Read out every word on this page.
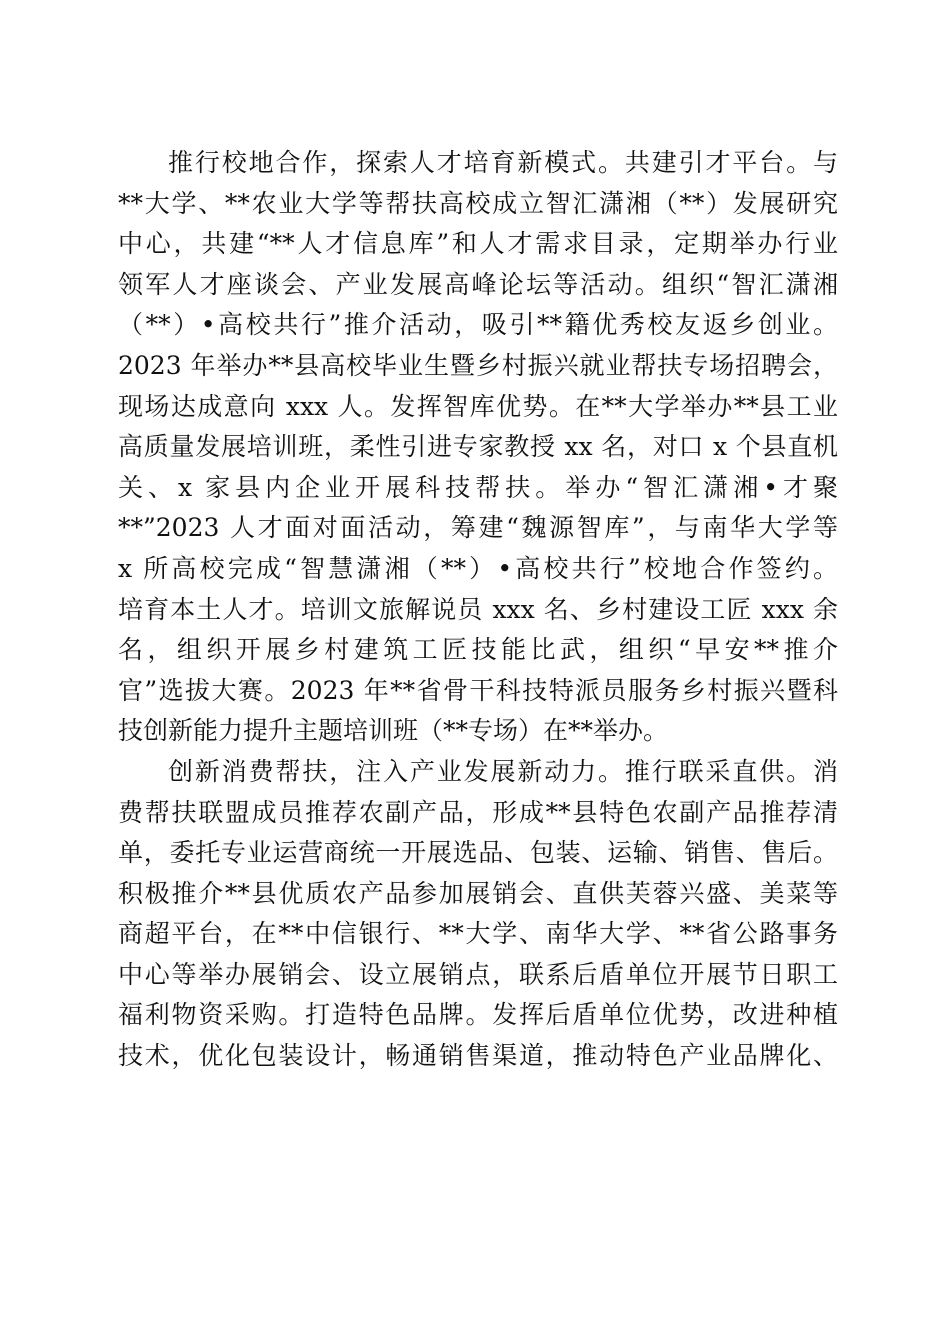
推行校地合作，探索人才培育新模式。共建引才平台。与
**大学、**农业大学等帮扶高校成立智汇潇湘（**）发展研究
中心，共建“**人才信息库”和人才需求目录，定期举办行业
领军人才座谈会、产业发展高峰论坛等活动。组织“智汇潇湘
（**）•高校共行”推介活动，吸引**籍优秀校友返乡创业。
2023 年举办**县高校毕业生暨乡村振兴就业帮扶专场招聘会，
现场达成意向 xxx 人。发挥智库优势。在**大学举办**县工业
高质量发展培训班，柔性引进专家教授 xx 名，对口 x 个县直机
关、x 家县内企业开展科技帮扶。举办“智汇潇湘•才聚
**”2023 人才面对面活动，筹建“魏源智库”，与南华大学等
x 所高校完成“智慧潇湘（**）•高校共行”校地合作签约。
培育本土人才。培训文旅解说员 xxx 名、乡村建设工匠 xxx 余
名，组织开展乡村建筑工匠技能比武，组织“早安**推介
官”选拔大赛。2023 年**省骨干科技特派员服务乡村振兴暨科
技创新能力提升主题培训班（**专场）在**举办。
创新消费帮扶，注入产业发展新动力。推行联采直供。消
费帮扶联盟成员推荐农副产品，形成**县特色农副产品推荐清
单，委托专业运营商统一开展选品、包装、运输、销售、售后。
积极推介**县优质农产品参加展销会、直供芙蓉兴盛、美菜等
商超平台，在**中信银行、**大学、南华大学、**省公路事务
中心等举办展销会、设立展销点，联系后盾单位开展节日职工
福利物资采购。打造特色品牌。发挥后盾单位优势，改进种植
技术，优化包装设计，畅通销售渠道，推动特色产业品牌化、
